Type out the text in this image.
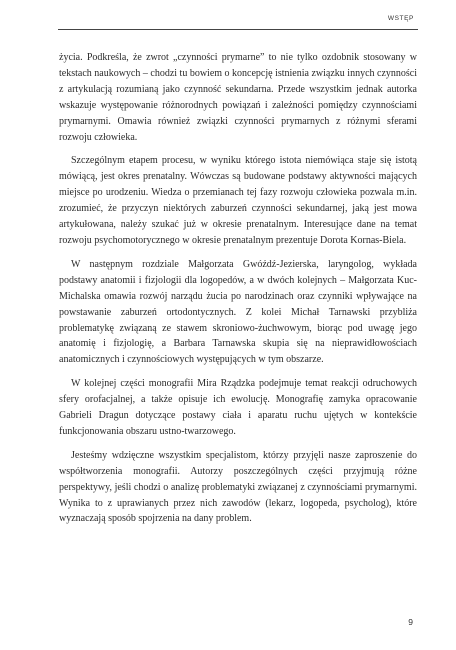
WSTĘP

życia. Podkreśla, że zwrot „czynności prymarne” to nie tylko ozdobnik stosowany w tekstach naukowych – chodzi tu bowiem o koncepcję istnienia związku innych czynności z artykulacją rozumianą jako czynność sekundarna. Przede wszystkim jednak autorka wskazuje występowanie różnorodnych powiązań i zależności pomiędzy czynnościami prymarnymi. Omawia również związki czynności prymarnych z różnymi sferami rozwoju człowieka.

Szczególnym etapem procesu, w wyniku którego istota niemówiąca staje się istotą mówiącą, jest okres prenatalny. Wówczas są budowane podstawy aktywności mających miejsce po urodzeniu. Wiedza o przemianach tej fazy rozwoju człowieka pozwala m.in. zrozumieć, że przyczyn niektórych zaburzeń czynności sekundarnej, jaką jest mowa artykułowana, należy szukać już w okresie prenatalnym. Interesujące dane na temat rozwoju psychomotorycznego w okresie prenatalnym prezentuje Dorota Kornas-Biela.

W następnym rozdziale Małgorzata Gwóźdź-Jezierska, laryngolog, wykłada podstawy anatomii i fizjologii dla logopedów, a w dwóch kolejnych – Małgorzata Kuc-Michalska omawia rozwój narządu żucia po narodzinach oraz czynniki wpływające na powstawanie zaburzeń ortodontycznych. Z kolei Michał Tarnawski przybliża problematykę związaną ze stawem skroniowo-żuchwowym, biorąc pod uwagę jego anatomię i fizjologię, a Barbara Tarnawska skupia się na nieprawidłowościach anatomicznych i czynnościowych występujących w tym obszarze.

W kolejnej części monografii Mira Rządzka podejmuje temat reakcji odruchowych sfery orofacjalnej, a także opisuje ich ewolucję. Monografię zamyka opracowanie Gabrieli Dragun dotyczące postawy ciała i aparatu ruchu ujętych w kontekście funkcjonowania obszaru ustno-twarzowego.

Jesteśmy wdzięczne wszystkim specjalistom, którzy przyjęli nasze zaproszenie do współtworzenia monografii. Autorzy poszczególnych części przyjmują różne perspektywy, jeśli chodzi o analizę problematyki związanej z czynnościami prymarnymi. Wynika to z uprawianych przez nich zawodów (lekarz, logopeda, psycholog), które wyznaczają sposób spojrzenia na dany problem.

9
